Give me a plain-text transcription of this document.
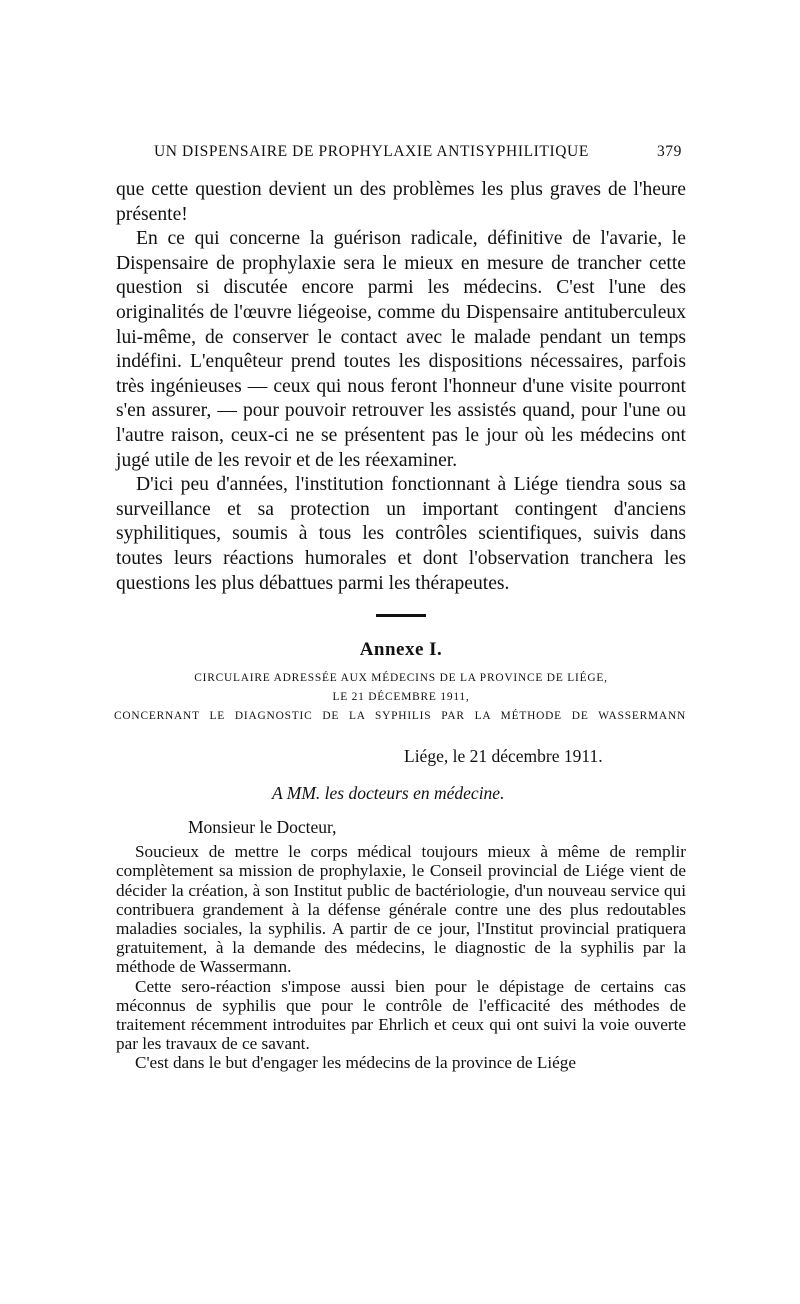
UN DISPENSAIRE DE PROPHYLAXIE ANTISYPHILITIQUE	379

que cette question devient un des problèmes les plus graves de l'heure présente!

En ce qui concerne la guérison radicale, définitive de l'avarie, le Dispensaire de prophylaxie sera le mieux en mesure de trancher cette question si discutée encore parmi les médecins. C'est l'une des originalités de l'œuvre liégeoise, comme du Dispensaire antituberculeux lui-même, de conserver le contact avec le malade pendant un temps indéfini. L'enquêteur prend toutes les dispositions nécessaires, parfois très ingénieuses — ceux qui nous feront l'honneur d'une visite pourront s'en assurer, — pour pouvoir retrouver les assistés quand, pour l'une ou l'autre raison, ceux-ci ne se présentent pas le jour où les médecins ont jugé utile de les revoir et de les réexaminer.

D'ici peu d'années, l'institution fonctionnant à Liége tiendra sous sa surveillance et sa protection un important contingent d'anciens syphilitiques, soumis à tous les contrôles scientifiques, suivis dans toutes leurs réactions humorales et dont l'observation tranchera les questions les plus débattues parmi les thérapeutes.

Annexe I.
CIRCULAIRE ADRESSÉE AUX MÉDECINS DE LA PROVINCE DE LIÉGE,
LE 21 DÉCEMBRE 1911,
CONCERNANT LE DIAGNOSTIC DE LA SYPHILIS PAR LA MÉTHODE DE WASSERMANN
Liége, le 21 décembre 1911.
A MM. les docteurs en médecine.
Monsieur le Docteur,

Soucieux de mettre le corps médical toujours mieux à même de remplir complètement sa mission de prophylaxie, le Conseil provincial de Liége vient de décider la création, à son Institut public de bactériologie, d'un nouveau service qui contribuera grandement à la défense générale contre une des plus redoutables maladies sociales, la syphilis. A partir de ce jour, l'Institut provincial pratiquera gratuitement, à la demande des médecins, le diagnostic de la syphilis par la méthode de Wassermann.

Cette sero-réaction s'impose aussi bien pour le dépistage de certains cas méconnus de syphilis que pour le contrôle de l'efficacité des méthodes de traitement récemment introduites par Ehrlich et ceux qui ont suivi la voie ouverte par les travaux de ce savant.

C'est dans le but d'engager les médecins de la province de Liége
